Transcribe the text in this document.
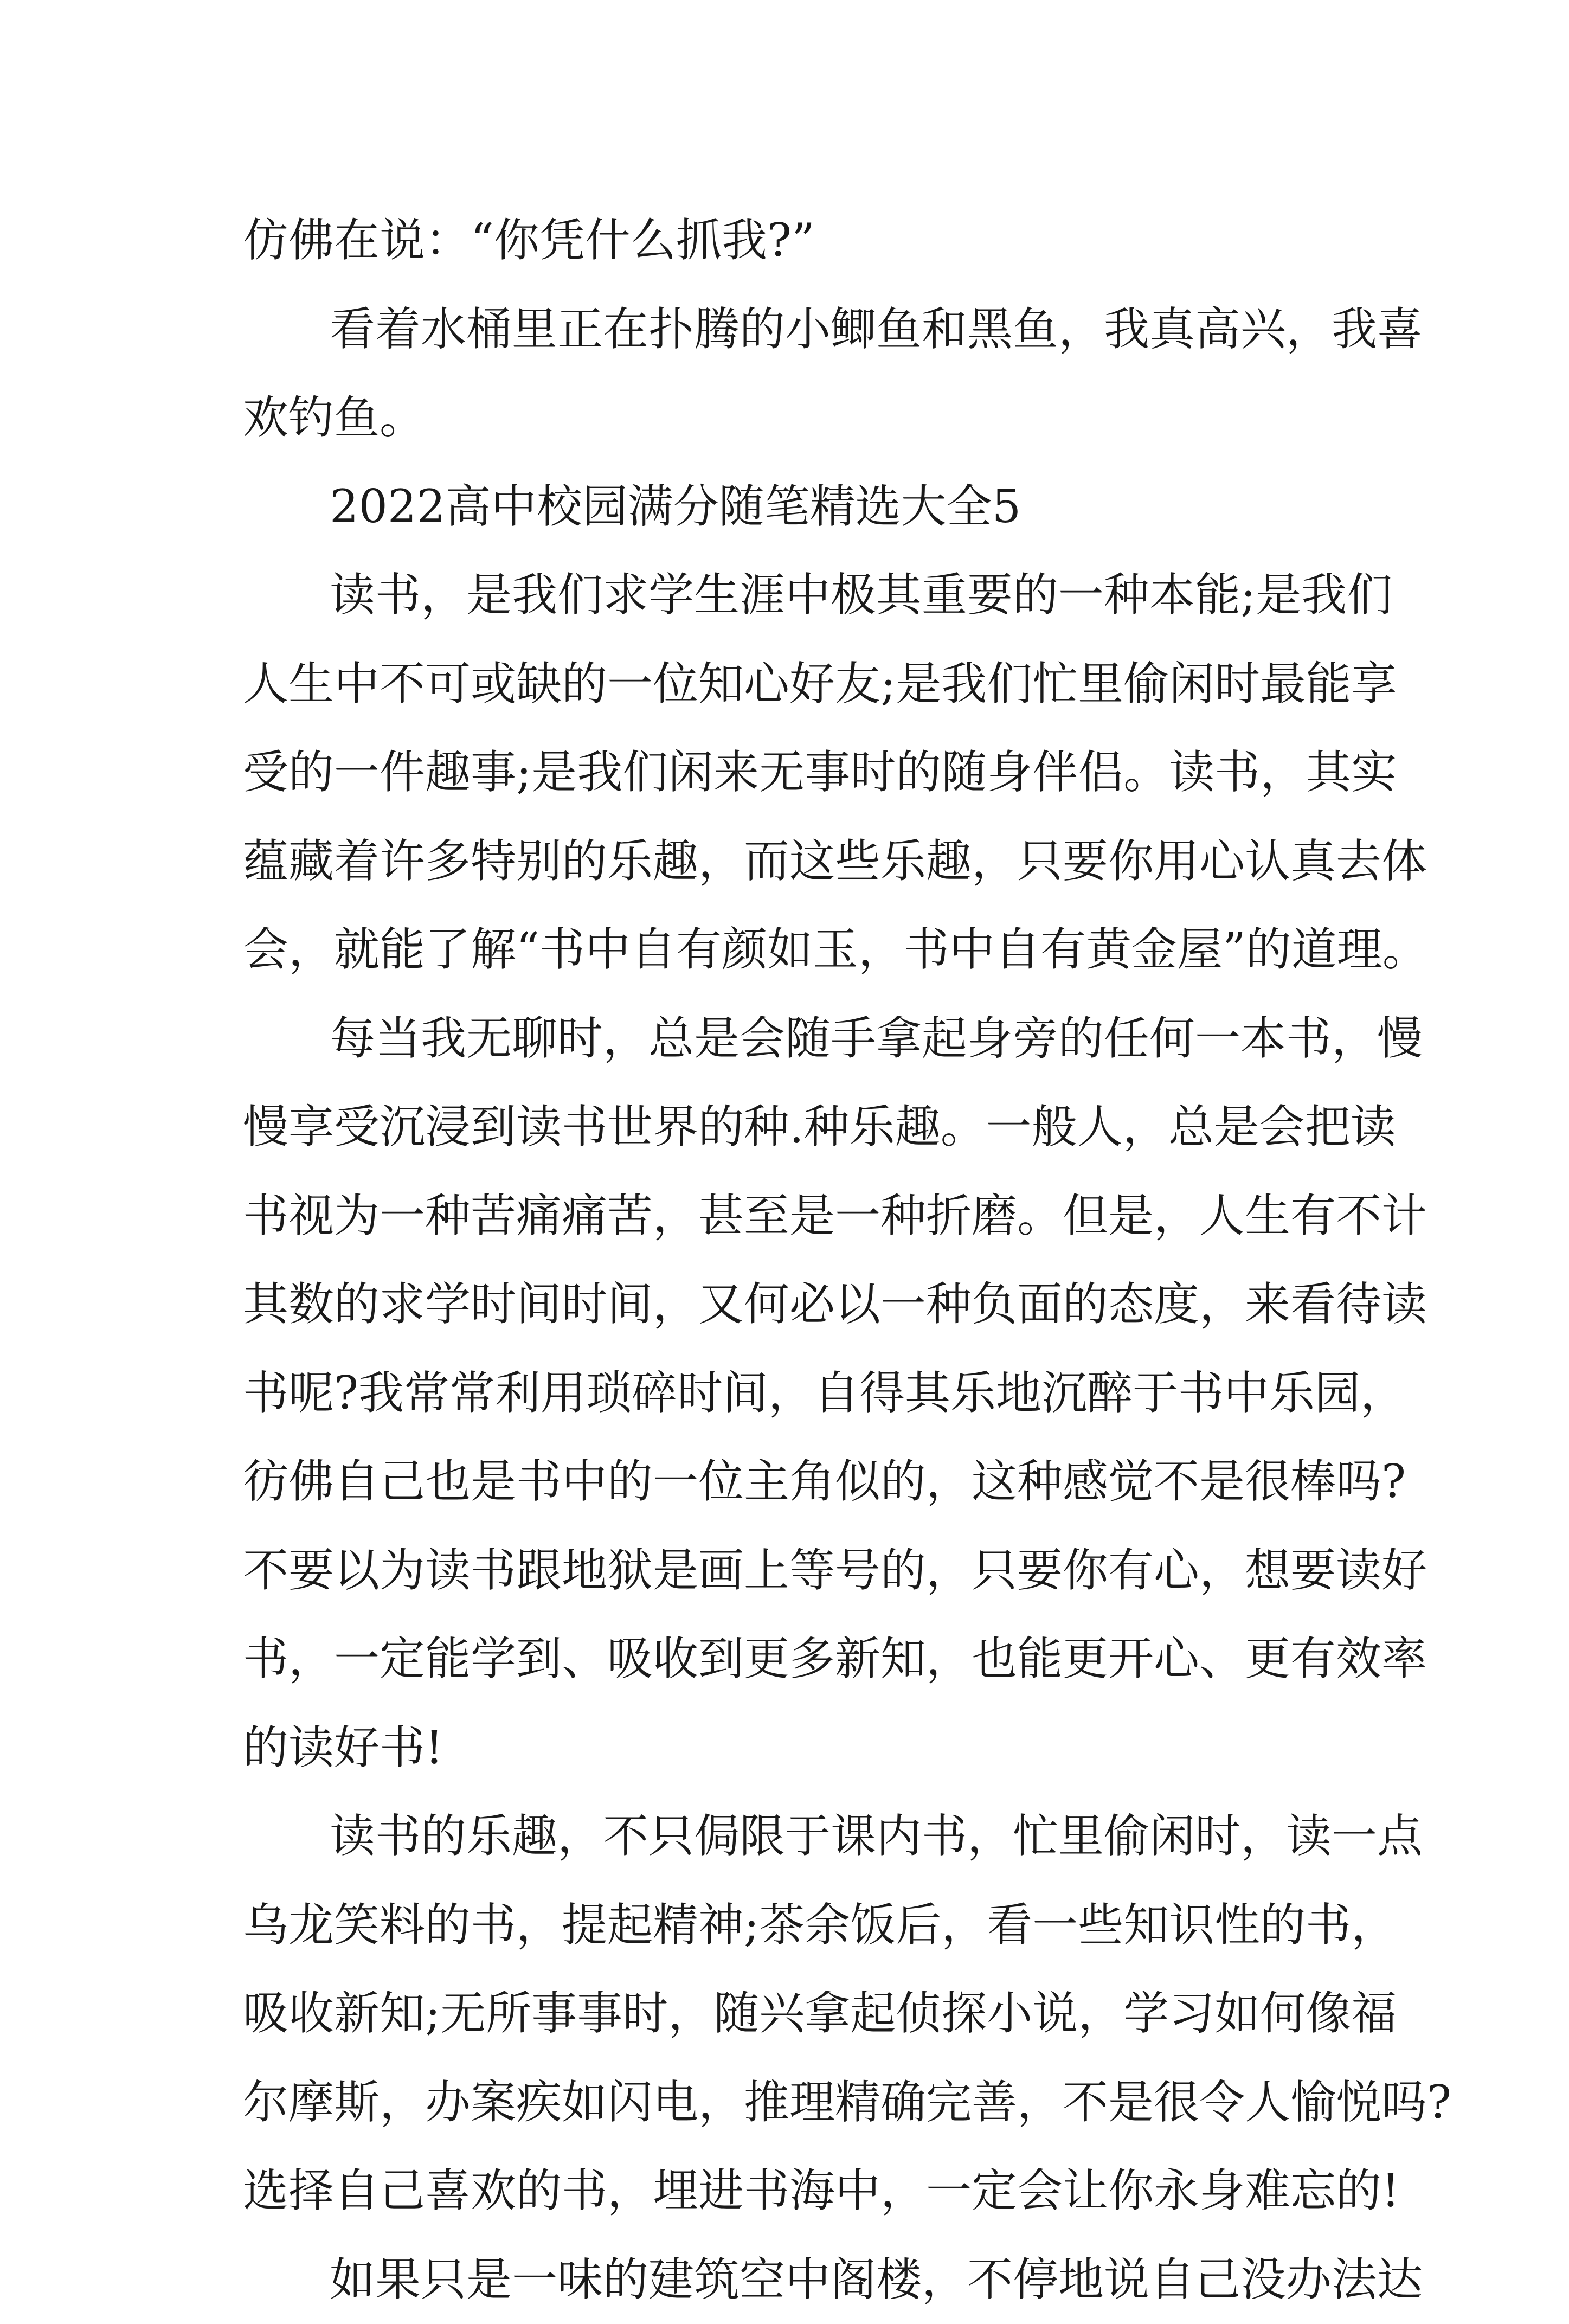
仿佛在说：“你凭什么抓我?”
看着水桶里正在扑腾的小鲫鱼和黑鱼，我真高兴，我喜
欢钓鱼。
2022高中校园满分随笔精选大全5
读书，是我们求学生涯中极其重要的一种本能;是我们
人生中不可或缺的一位知心好友;是我们忙里偷闲时最能享
受的一件趣事;是我们闲来无事时的随身伴侣。读书，其实
蕴藏着许多特别的乐趣，而这些乐趣，只要你用心认真去体
会，就能了解“书中自有颜如玉，书中自有黄金屋”的道理。
每当我无聊时，总是会随手拿起身旁的任何一本书，慢
慢享受沉浸到读书世界的种.种乐趣。一般人，总是会把读
书视为一种苦痛痛苦，甚至是一种折磨。但是，人生有不计
其数的求学时间时间，又何必以一种负面的态度，来看待读
书呢?我常常利用琐碎时间，自得其乐地沉醉于书中乐园，
彷佛自己也是书中的一位主角似的，这种感觉不是很棒吗?
不要以为读书跟地狱是画上等号的，只要你有心，想要读好
书，一定能学到、吸收到更多新知，也能更开心、更有效率
的读好书!
读书的乐趣，不只侷限于课内书，忙里偷闲时，读一点
乌龙笑料的书，提起精神;茶余饭后，看一些知识性的书，
吸收新知;无所事事时，随兴拿起侦探小说，学习如何像福
尔摩斯，办案疾如闪电，推理精确完善，不是很令人愉悦吗?
选择自己喜欢的书，埋进书海中，一定会让你永身难忘的!
如果只是一味的建筑空中阁楼，不停地说自己没办法达
